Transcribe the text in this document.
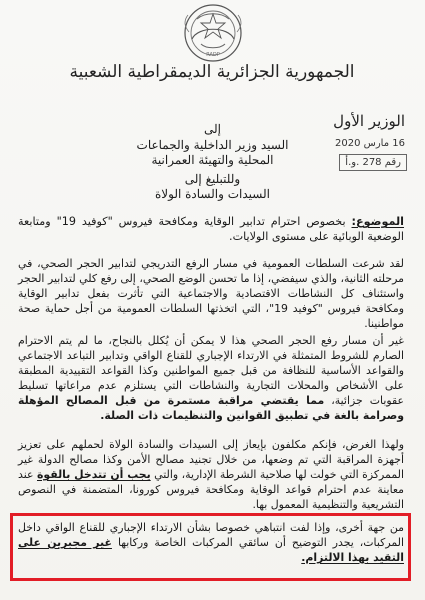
RADP
الجمهورية الجزائرية الديمقراطية الشعبية
الوزير الأول
16 مارس 2020
رقم 278 .و.أ
إلى
السيد وزير الداخلية والجماعات
المحلية والتهيئة العمرانية
وللتبليغ إلى
السيدات والسادة الولاة
الموضوع: بخصوص احترام تدابير الوقاية ومكافحة فيروس "كوفيد 19" ومتابعة الوضعية الوبائية على مستوى الولايات.
لقد شرعت السلطات العمومية في مسار الرفع التدريجي لتدابير الحجر الصحي، في مرحلته الثانية، والذي سيفضي، إذا ما تحسن الوضع الصحي، إلى رفع كلي لتدابير الحجر واستئناف كل النشاطات الاقتصادية والاجتماعية التي تأثرت بفعل تدابير الوقاية ومكافحة فيروس "كوفيد 19"، التي اتخذتها السلطات العمومية من أجل حماية صحة مواطنينا.
غير أن مسار رفع الحجر الصحي هذا لا يمكن أن يُكلل بالنجاح، ما لم يتم الاحترام الصارم للشروط المتمثلة في الارتداء الإجباري للقناع الواقي وتدابير التباعد الاجتماعي والقواعد الأساسية للنظافة من قبل جميع المواطنين وكذا القواعد التقييدية المطبقة على الأشخاص والمحلات التجارية والنشاطات التي يستلزم عدم مراعاتها تسليط عقوبات جزائية، مما يقتضي مراقبة مستمرة من قبل المصالح المؤهلة وصرامة بالغة في تطبيق القوانين والتنظيمات ذات الصلة.
ولهذا الغرض، فإنكم مكلفون بإيعاز إلى السيدات والسادة الولاة لحملهم على تعزيز أجهزة المراقبة التي تم وضعها، من خلال تجنيد مصالح الأمن وكذا مصالح الدولة غير الممركزة التي خولت لها صلاحية الشرطة الإدارية، والتي يجب أن تتدخل بالقوة عند معاينة عدم احترام قواعد الوقاية ومكافحة فيروس كورونا، المتضمنة في النصوص التشريعية والتنظيمية المعمول بها.
من جهة أخرى، وإذا لفت انتباهي خصوصا بشأن الارتداء الإجباري للقناع الواقي داخل المركبات، يجدر التوضيح أن سائقي المركبات الخاصة وركابها غير مجبرين على التقيد بهذا الالتزام.
